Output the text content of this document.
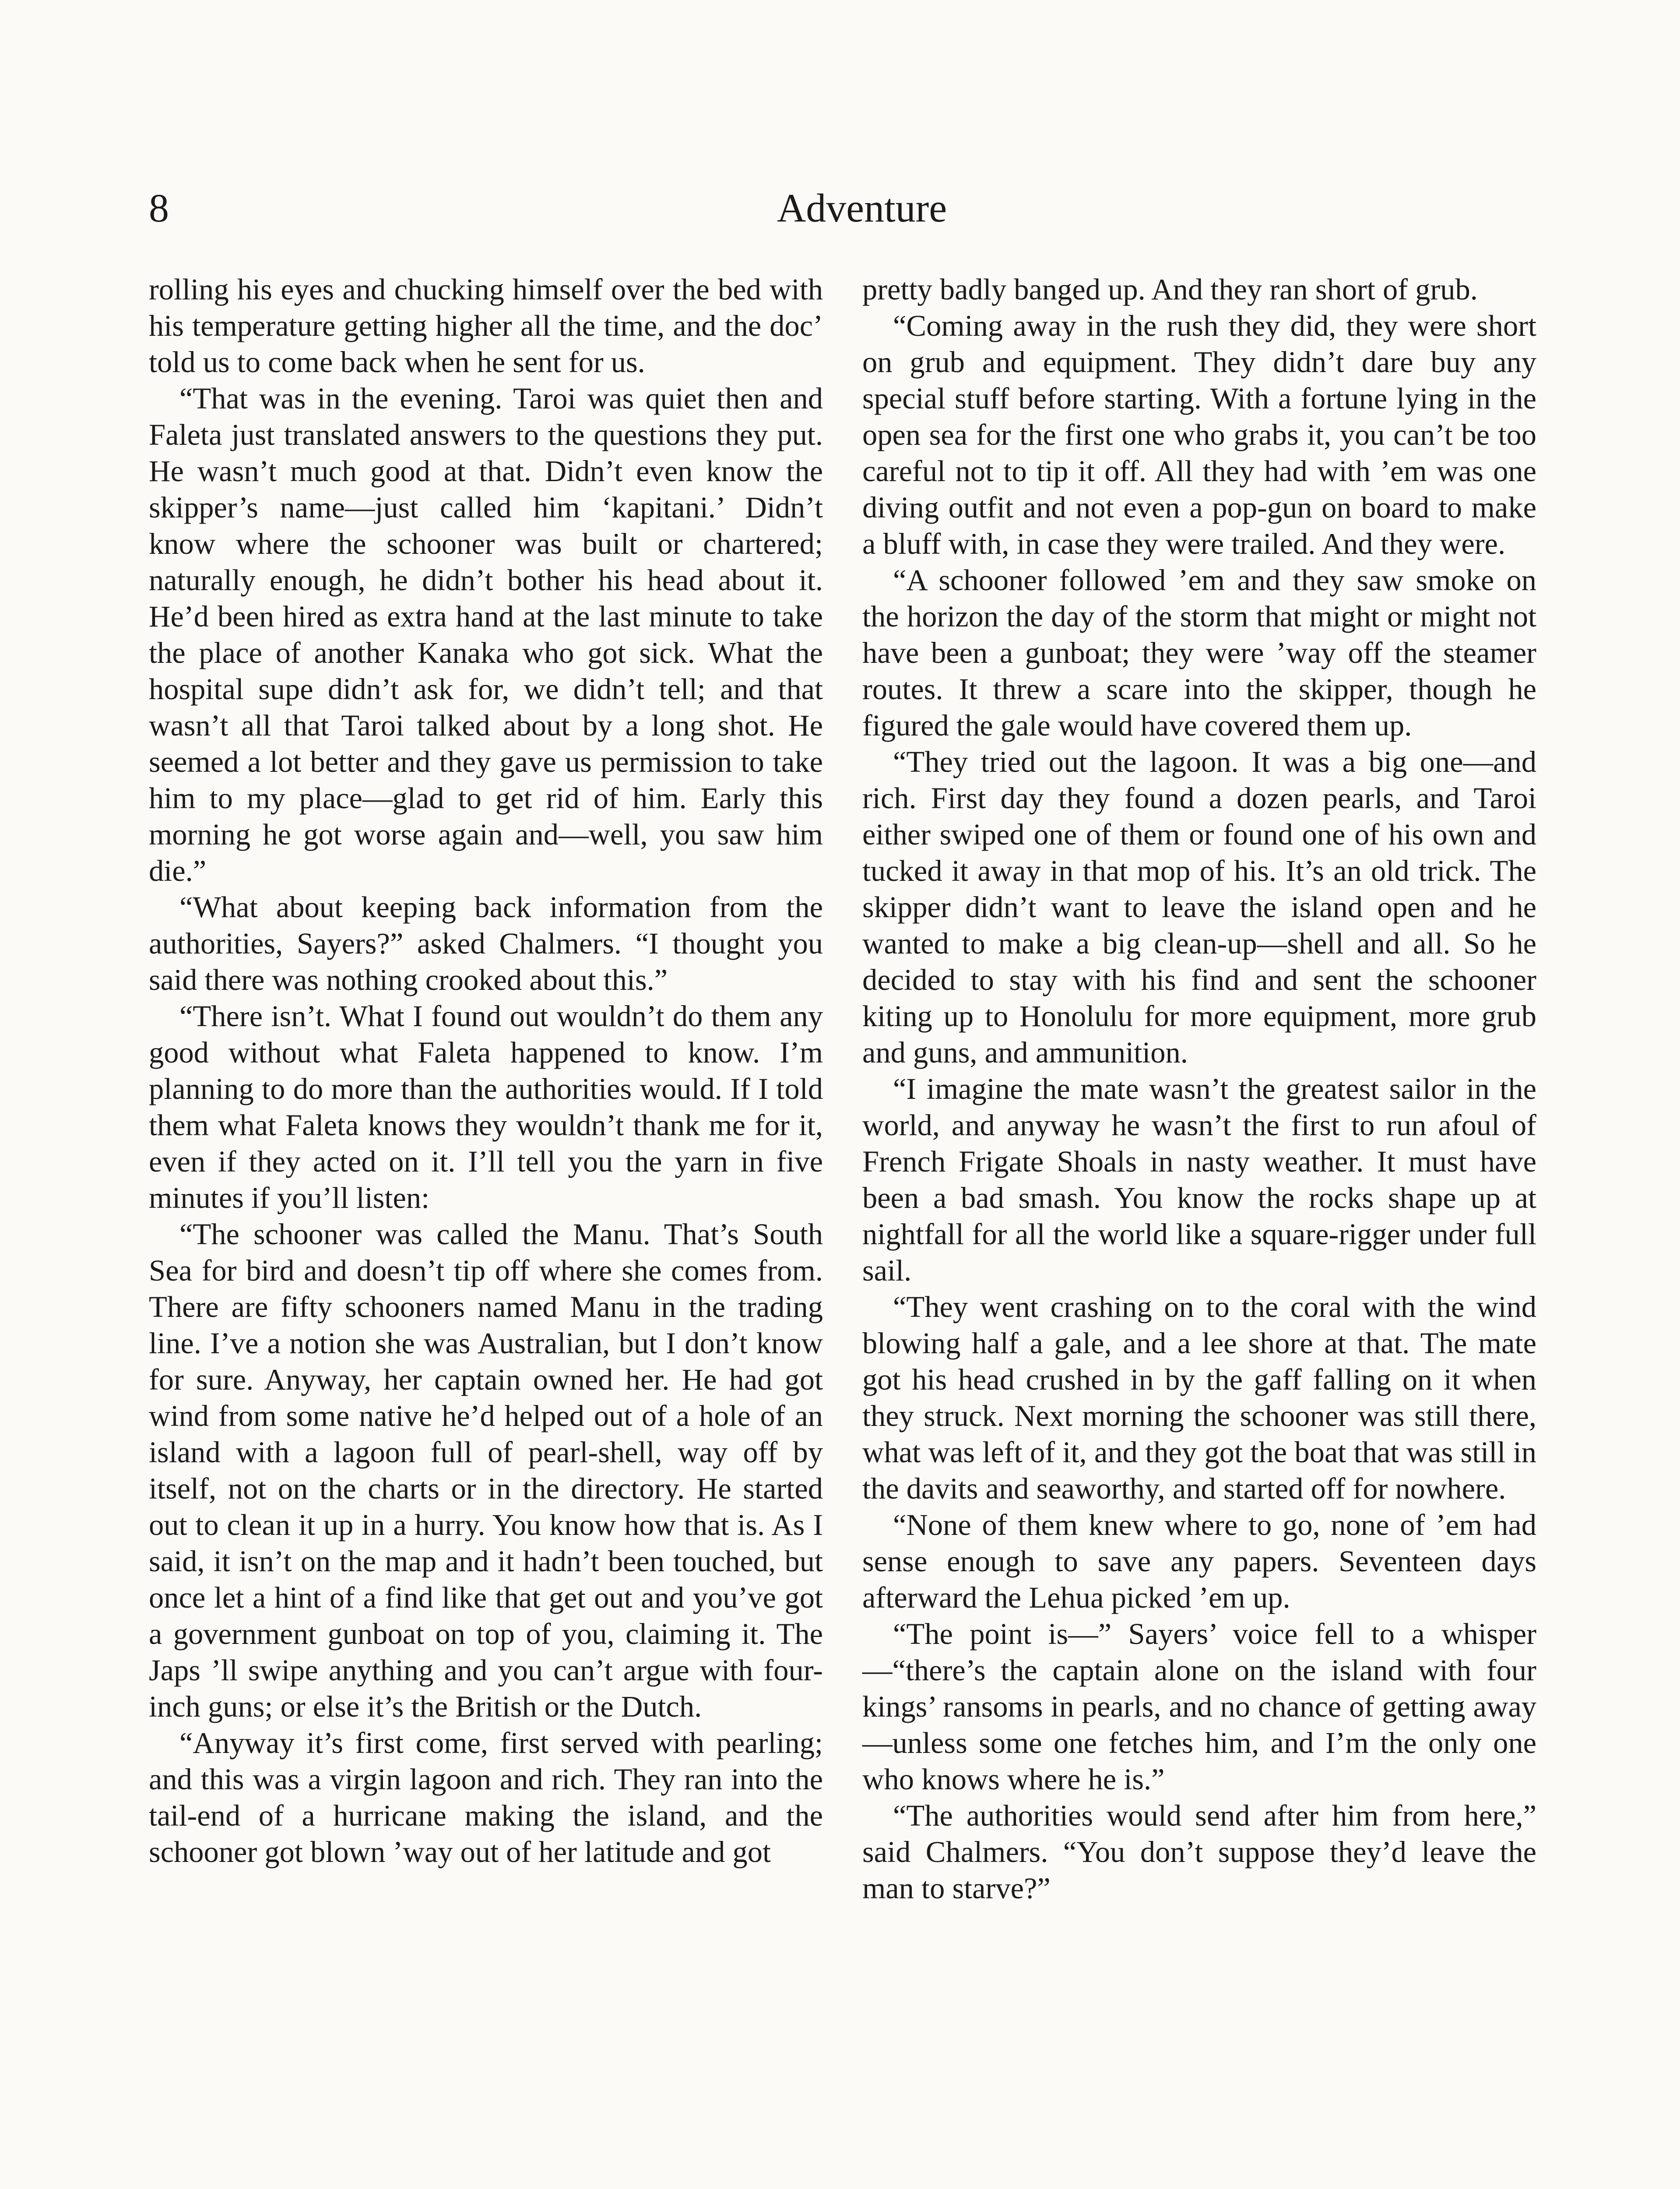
8	Adventure

rolling his eyes and chucking himself over the bed with his temperature getting higher all the time, and the doc’ told us to come back when he sent for us.

“That was in the evening. Taroi was quiet then and Faleta just translated answers to the questions they put. He wasn’t much good at that. Didn’t even know the skipper’s name—just called him ‘kapitani.’ Didn’t know where the schooner was built or chartered; naturally enough, he didn’t bother his head about it. He’d been hired as extra hand at the last minute to take the place of another Kanaka who got sick. What the hospital supe didn’t ask for, we didn’t tell; and that wasn’t all that Taroi talked about by a long shot. He seemed a lot better and they gave us permission to take him to my place—glad to get rid of him. Early this morning he got worse again and—well, you saw him die.”

“What about keeping back information from the authorities, Sayers?” asked Chalmers. “I thought you said there was nothing crooked about this.”

“There isn’t. What I found out wouldn’t do them any good without what Faleta happened to know. I’m planning to do more than the authorities would. If I told them what Faleta knows they wouldn’t thank me for it, even if they acted on it. I’ll tell you the yarn in five minutes if you’ll listen:

“The schooner was called the Manu. That’s South Sea for bird and doesn’t tip off where she comes from. There are fifty schooners named Manu in the trading line. I’ve a notion she was Australian, but I don’t know for sure. Anyway, her captain owned her. He had got wind from some native he’d helped out of a hole of an island with a lagoon full of pearl-shell, way off by itself, not on the charts or in the directory. He started out to clean it up in a hurry. You know how that is. As I said, it isn’t on the map and it hadn’t been touched, but once let a hint of a find like that get out and you’ve got a government gunboat on top of you, claiming it. The Japs ’ll swipe anything and you can’t argue with four-inch guns; or else it’s the British or the Dutch.

“Anyway it’s first come, first served with pearling; and this was a virgin lagoon and rich. They ran into the tail-end of a hurricane making the island, and the schooner got blown ’way out of her latitude and got

pretty badly banged up. And they ran short of grub.

“Coming away in the rush they did, they were short on grub and equipment. They didn’t dare buy any special stuff before starting. With a fortune lying in the open sea for the first one who grabs it, you can’t be too careful not to tip it off. All they had with ’em was one diving outfit and not even a pop-gun on board to make a bluff with, in case they were trailed. And they were.

“A schooner followed ’em and they saw smoke on the horizon the day of the storm that might or might not have been a gunboat; they were ’way off the steamer routes. It threw a scare into the skipper, though he figured the gale would have covered them up.

“They tried out the lagoon. It was a big one—and rich. First day they found a dozen pearls, and Taroi either swiped one of them or found one of his own and tucked it away in that mop of his. It’s an old trick. The skipper didn’t want to leave the island open and he wanted to make a big clean-up—shell and all. So he decided to stay with his find and sent the schooner kiting up to Honolulu for more equipment, more grub and guns, and ammunition.

“I imagine the mate wasn’t the greatest sailor in the world, and anyway he wasn’t the first to run afoul of French Frigate Shoals in nasty weather. It must have been a bad smash. You know the rocks shape up at nightfall for all the world like a square-rigger under full sail.

“They went crashing on to the coral with the wind blowing half a gale, and a lee shore at that. The mate got his head crushed in by the gaff falling on it when they struck. Next morning the schooner was still there, what was left of it, and they got the boat that was still in the davits and seaworthy, and started off for nowhere.

“None of them knew where to go, none of ’em had sense enough to save any papers. Seventeen days afterward the Lehua picked ’em up.

“The point is—” Sayers’ voice fell to a whisper—“there’s the captain alone on the island with four kings’ ransoms in pearls, and no chance of getting away—unless some one fetches him, and I’m the only one who knows where he is.”

“The authorities would send after him from here,” said Chalmers. “You don’t suppose they’d leave the man to starve?”
